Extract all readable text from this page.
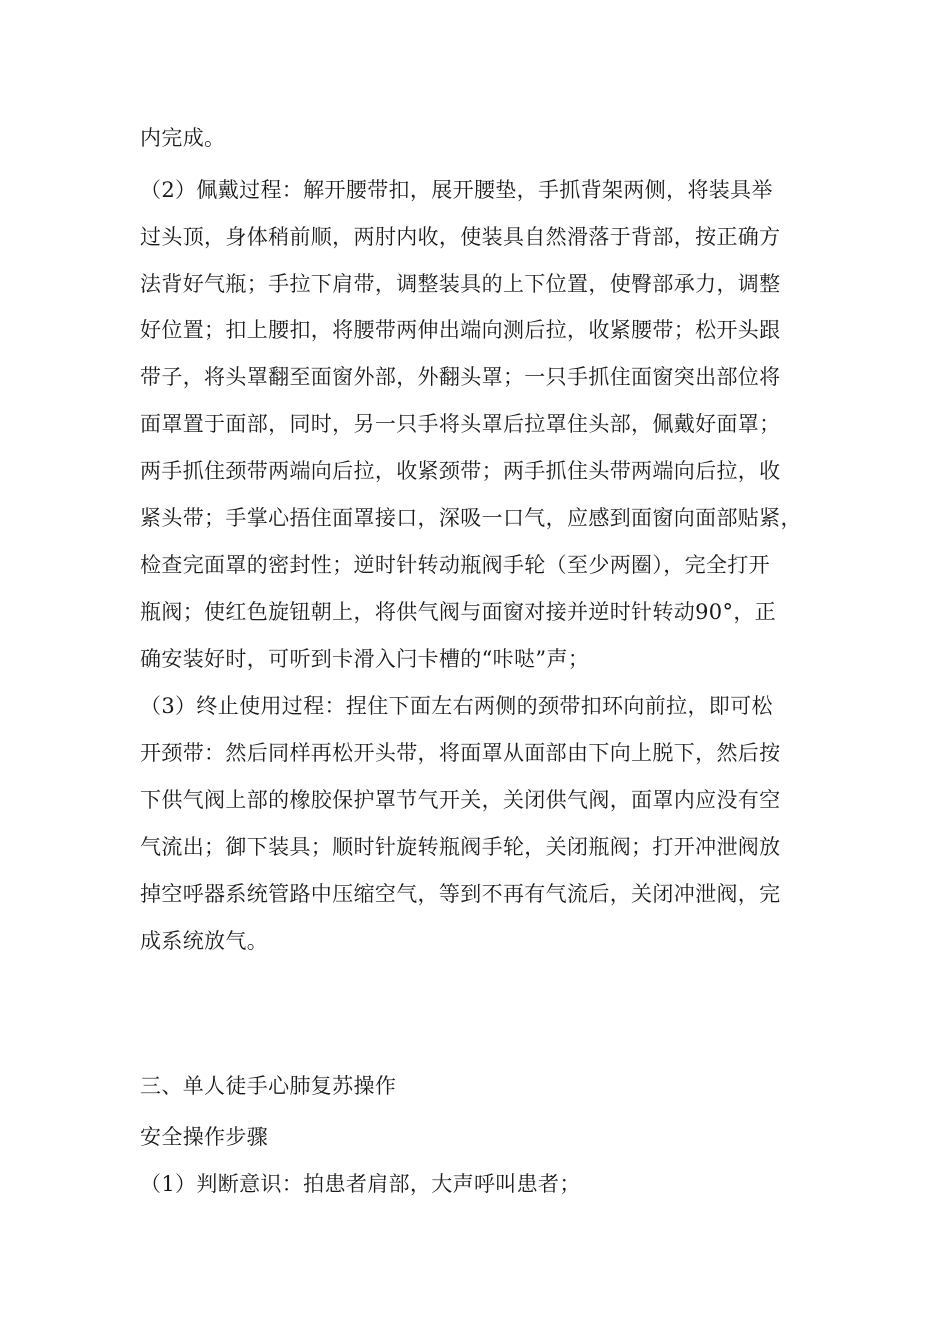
内完成。
（2）佩戴过程：解开腰带扣，展开腰垫，手抓背架两侧，将装具举
过头顶，身体稍前顺，两肘内收，使装具自然滑落于背部，按正确方
法背好气瓶；手拉下肩带，调整装具的上下位置，使臀部承力，调整
好位置；扣上腰扣，将腰带两伸出端向测后拉，收紧腰带；松开头跟
带子，将头罩翻至面窗外部，外翻头罩；一只手抓住面窗突出部位将
面罩置于面部，同时，另一只手将头罩后拉罩住头部，佩戴好面罩；
两手抓住颈带两端向后拉，收紧颈带；两手抓住头带两端向后拉，收
紧头带；手掌心捂住面罩接口，深吸一口气，应感到面窗向面部贴紧，
检查完面罩的密封性；逆时针转动瓶阀手轮（至少两圈），完全打开
瓶阀；使红色旋钮朝上，将供气阀与面窗对接并逆时针转动90°，正
确安装好时，可听到卡滑入闩卡槽的“咔哒”声；
（3）终止使用过程：捏住下面左右两侧的颈带扣环向前拉，即可松
开颈带：然后同样再松开头带，将面罩从面部由下向上脱下，然后按
下供气阀上部的橡胶保护罩节气开关，关闭供气阀，面罩内应没有空
气流出；御下装具；顺时针旋转瓶阀手轮，关闭瓶阀；打开冲泄阀放
掉空呼器系统管路中压缩空气，等到不再有气流后，关闭冲泄阀，完
成系统放气。
三、单人徒手心肺复苏操作
安全操作步骤
（1）判断意识：拍患者肩部，大声呼叫患者；
